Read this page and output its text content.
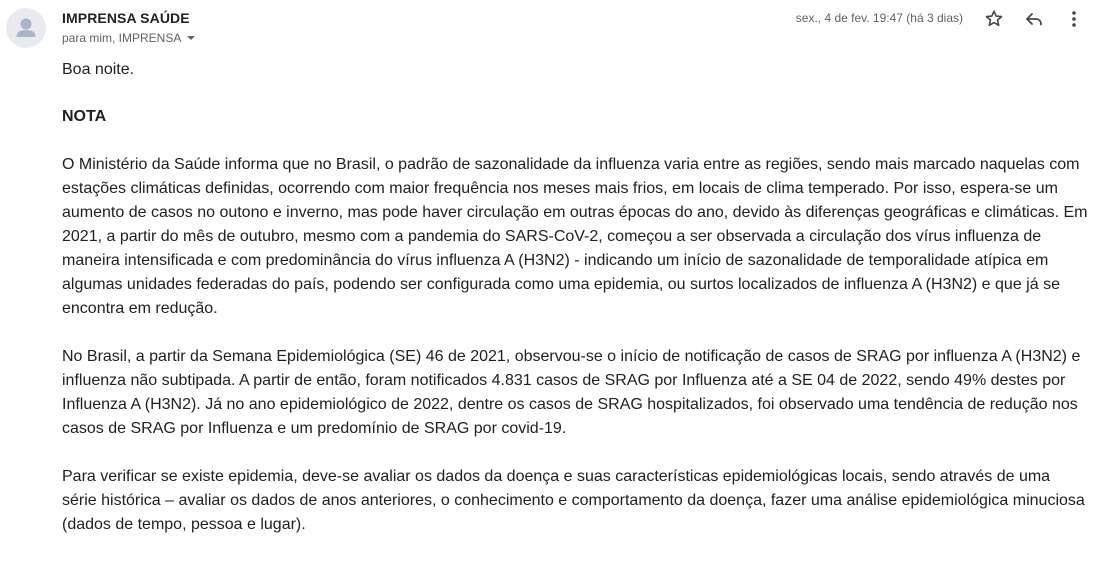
IMPRENSA SAÚDE
para mim, IMPRENSA
sex., 4 de fev. 19:47 (há 3 dias)

Boa noite.

NOTA

O Ministério da Saúde informa que no Brasil, o padrão de sazonalidade da influenza varia entre as regiões, sendo mais marcado naquelas com estações climáticas definidas, ocorrendo com maior frequência nos meses mais frios, em locais de clima temperado. Por isso, espera-se um aumento de casos no outono e inverno, mas pode haver circulação em outras épocas do ano, devido às diferenças geográficas e climáticas. Em 2021, a partir do mês de outubro, mesmo com a pandemia do SARS-CoV-2, começou a ser observada a circulação dos vírus influenza de maneira intensificada e com predominância do vírus influenza A (H3N2) - indicando um início de sazonalidade de temporalidade atípica em algumas unidades federadas do país, podendo ser configurada como uma epidemia, ou surtos localizados de influenza A (H3N2) e que já se encontra em redução.

No Brasil, a partir da Semana Epidemiológica (SE) 46 de 2021, observou-se o início de notificação de casos de SRAG por influenza A (H3N2) e influenza não subtipada. A partir de então, foram notificados 4.831 casos de SRAG por Influenza até a SE 04 de 2022, sendo 49% destes por Influenza A (H3N2). Já no ano epidemiológico de 2022, dentre os casos de SRAG hospitalizados, foi observado uma tendência de redução nos casos de SRAG por Influenza e um predomínio de SRAG por covid-19.

Para verificar se existe epidemia, deve-se avaliar os dados da doença e suas características epidemiológicas locais, sendo através de uma série histórica – avaliar os dados de anos anteriores, o conhecimento e comportamento da doença, fazer uma análise epidemiológica minuciosa (dados de tempo, pessoa e lugar).
